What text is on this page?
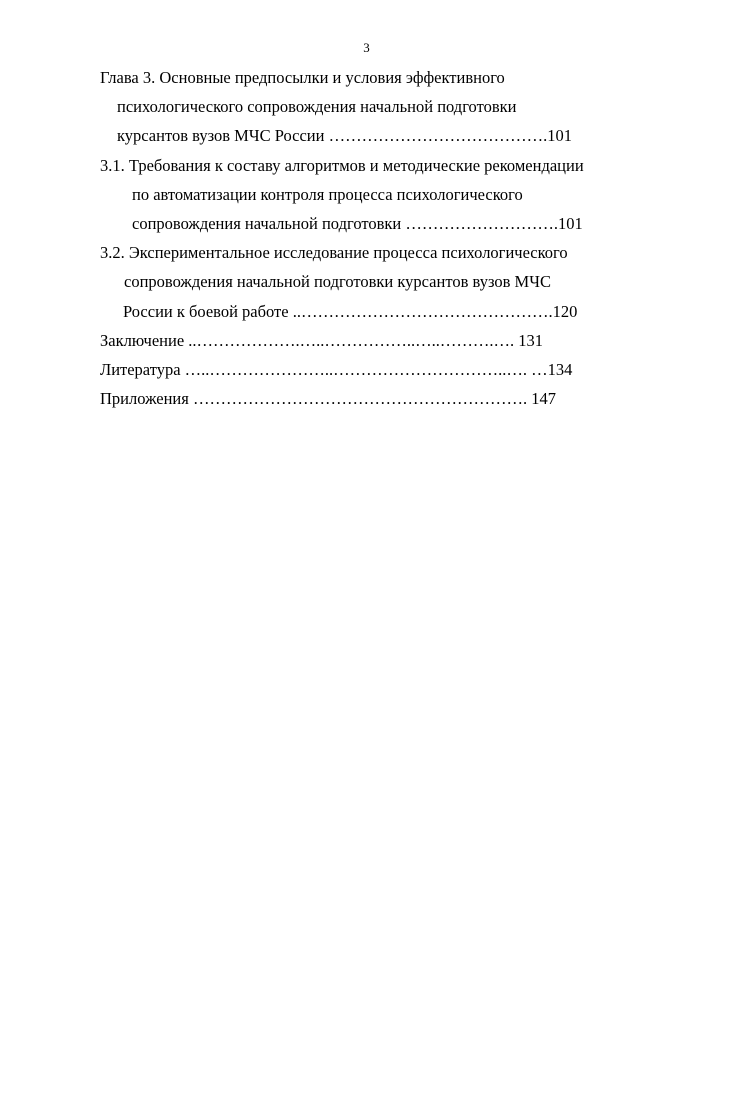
3
Глава 3. Основные предпосылки и условия эффективного
психологического сопровождения начальной подготовки
курсантов вузов МЧС России ………………………………….101
3.1. Требования к составу алгоритмов и методические рекомендации
по автоматизации контроля процесса психологического
сопровождения начальной подготовки ……………………….101
3.2. Экспериментальное исследование процесса психологического
сопровождения начальной подготовки курсантов вузов МЧС
России к боевой работе ..……………………………………….120
Заключение ..……………….…..……………..…..……….…. 131
Литература …..…………………..…………………………..…. …134
Приложения ……………………………………………………. 147
